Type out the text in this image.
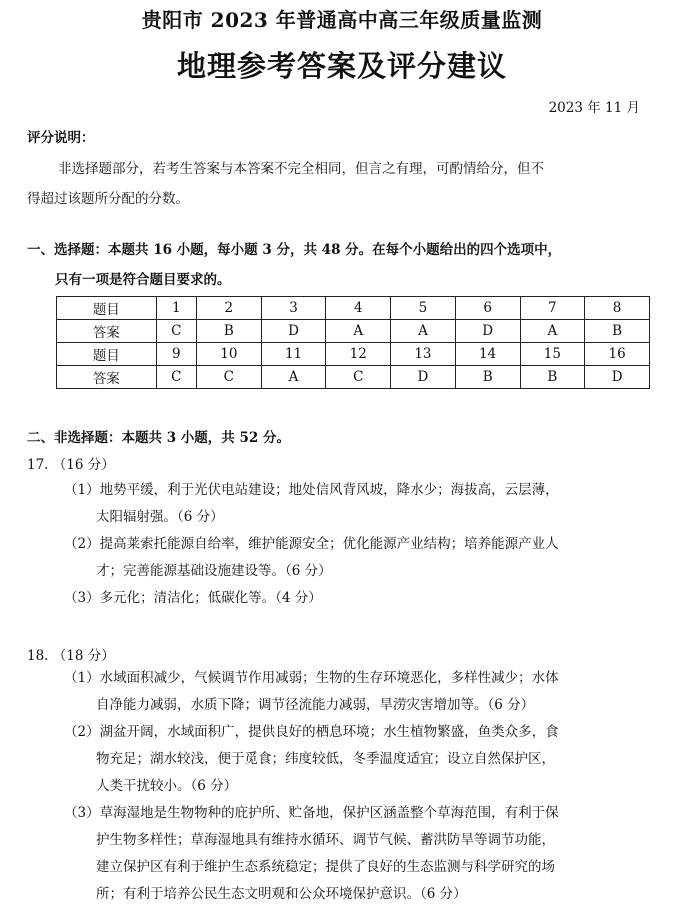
贵阳市 2023 年普通高中高三年级质量监测
地理参考答案及评分建议
2023 年 11 月
评分说明：
非选择题部分，若考生答案与本答案不完全相同，但言之有理，可酌情给分，但不
得超过该题所分配的分数。
一、选择题：本题共 16 小题，每小题 3 分，共 48 分。在每个小题给出的四个选项中，
只有一项是符合题目要求的。
题目	1	2	3	4	5	6	7	8
答案	C	B	D	A	A	D	A	B
题目	9	10	11	12	13	14	15	16
答案	C	C	A	C	D	B	B	D
二、非选择题：本题共 3 小题，共 52 分。
17. （16 分）
（1）地势平缓，利于光伏电站建设；地处信风背风坡，降水少；海拔高，云层薄，
太阳辐射强。（6 分）
（2）提高莱索托能源自给率，维护能源安全；优化能源产业结构；培养能源产业人
才；完善能源基础设施建设等。（6 分）
（3）多元化；清洁化；低碳化等。（4 分）
18. （18 分）
（1）水域面积减少，气候调节作用减弱；生物的生存环境恶化，多样性减少；水体
自净能力减弱，水质下降；调节径流能力减弱，旱涝灾害增加等。（6 分）
（2）湖盆开阔，水域面积广，提供良好的栖息环境；水生植物繁盛，鱼类众多，食
物充足；湖水较浅，便于觅食；纬度较低，冬季温度适宜；设立自然保护区，
人类干扰较小。（6 分）
（3）草海湿地是生物物种的庇护所、贮备地，保护区涵盖整个草海范围，有利于保
护生物多样性；草海湿地具有维持水循环、调节气候、蓄洪防旱等调节功能，
建立保护区有利于维护生态系统稳定；提供了良好的生态监测与科学研究的场
所；有利于培养公民生态文明观和公众环境保护意识。（6 分）
